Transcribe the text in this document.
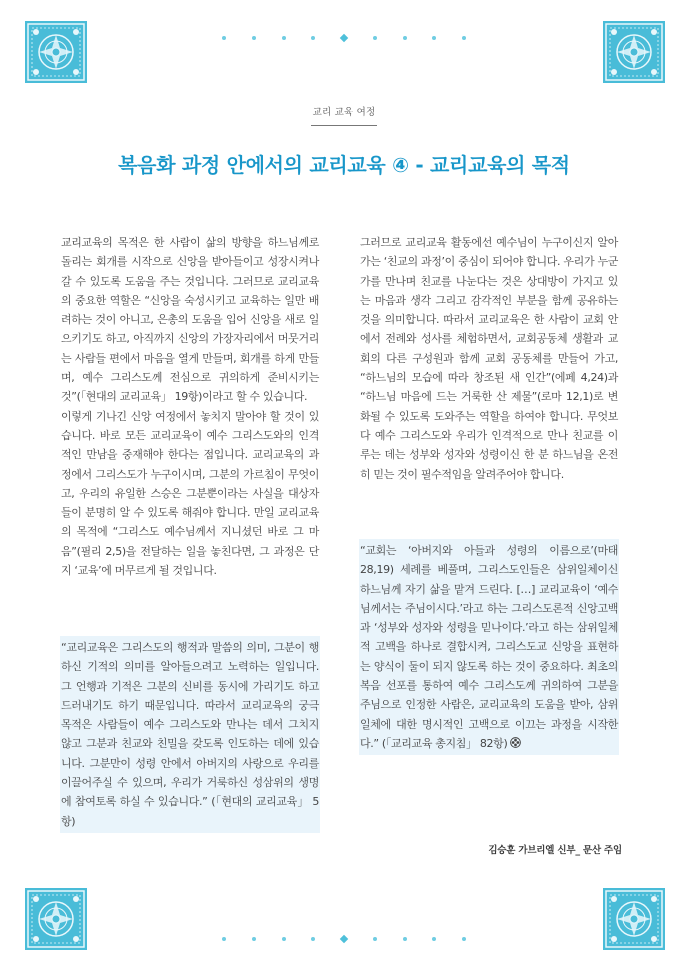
교리 교육 여정
복음화 과정 안에서의 교리교육 ④ - 교리교육의 목적

교리교육의 목적은 한 사람이 삶의 방향을 하느님께로 돌리는 회개를 시작으로 신앙을 받아들이고 성장시켜나갈 수 있도록 도움을 주는 것입니다. 그러므로 교리교육의 중요한 역할은 “신앙을 숙성시키고 교육하는 일만 배려하는 것이 아니고, 은총의 도움을 입어 신앙을 새로 일으키기도 하고, 아직까지 신앙의 가장자리에서 머뭇거리는 사람들 편에서 마음을 열게 만들며, 회개를 하게 만들며, 예수 그리스도께 전심으로 귀의하게 준비시키는 것”(「현대의 교리교육」 19항)이라고 할 수 있습니다.

이렇게 기나긴 신앙 여정에서 놓치지 말아야 할 것이 있습니다. 바로 모든 교리교육이 예수 그리스도와의 인격적인 만남을 중재해야 한다는 점입니다. 교리교육의 과정에서 그리스도가 누구이시며, 그분의 가르침이 무엇이고, 우리의 유일한 스승은 그분뿐이라는 사실을 대상자들이 분명히 알 수 있도록 해줘야 합니다. 만일 교리교육의 목적에 “그리스도 예수님께서 지니셨던 바로 그 마음”(필리 2,5)을 전달하는 일을 놓친다면, 그 과정은 단지 ‘교육’에 머무르게 될 것입니다.

“교리교육은 그리스도의 행적과 말씀의 의미, 그분이 행하신 기적의 의미를 알아들으려고 노력하는 일입니다. 그 언행과 기적은 그분의 신비를 동시에 가리기도 하고 드러내기도 하기 때문입니다. 따라서 교리교육의 궁극 목적은 사람들이 예수 그리스도와 만나는 데서 그치지 않고 그분과 친교와 친밀을 갖도록 인도하는 데에 있습니다. 그분만이 성령 안에서 아버지의 사랑으로 우리를 이끌어주실 수 있으며, 우리가 거룩하신 성삼위의 생명에 참여토록 하실 수 있습니다.” (「현대의 교리교육」 5항)

그러므로 교리교육 활동에선 예수님이 누구이신지 알아가는 ‘친교의 과정’이 중심이 되어야 합니다. 우리가 누군가를 만나며 친교를 나눈다는 것은 상대방이 가지고 있는 마음과 생각 그리고 감각적인 부분을 함께 공유하는 것을 의미합니다. 따라서 교리교육은 한 사람이 교회 안에서 전례와 성사를 체험하면서, 교회공동체 생활과 교회의 다른 구성원과 함께 교회 공동체를 만들어 가고, “하느님의 모습에 따라 창조된 새 인간”(에페 4,24)과 “하느님 마음에 드는 거룩한 산 제물”(로마 12,1)로 변화될 수 있도록 도와주는 역할을 하여야 합니다. 무엇보다 예수 그리스도와 우리가 인격적으로 만나 친교를 이루는 데는 성부와 성자와 성령이신 한 분 하느님을 온전히 믿는 것이 필수적임을 알려주어야 합니다.

“교회는 ‘아버지와 아들과 성령의 이름으로’(마태 28,19) 세례를 베풀며, 그리스도인들은 삼위일체이신 하느님께 자기 삶을 맡겨 드린다. […] 교리교육이 ‘예수님께서는 주님이시다.’라고 하는 그리스도론적 신앙고백과 ‘성부와 성자와 성령을 믿나이다.’라고 하는 삼위일체적 고백을 하나로 결합시켜, 그리스도교 신앙을 표현하는 양식이 둘이 되지 않도록 하는 것이 중요하다. 최초의 복음 선포를 통하여 예수 그리스도께 귀의하여 그분을 주님으로 인정한 사람은, 교리교육의 도움을 받아, 삼위일체에 대한 명시적인 고백으로 이끄는 과정을 시작한다.” (「교리교육 총지침」 82항)
김승훈 가브리엘 신부_ 문산 주임
